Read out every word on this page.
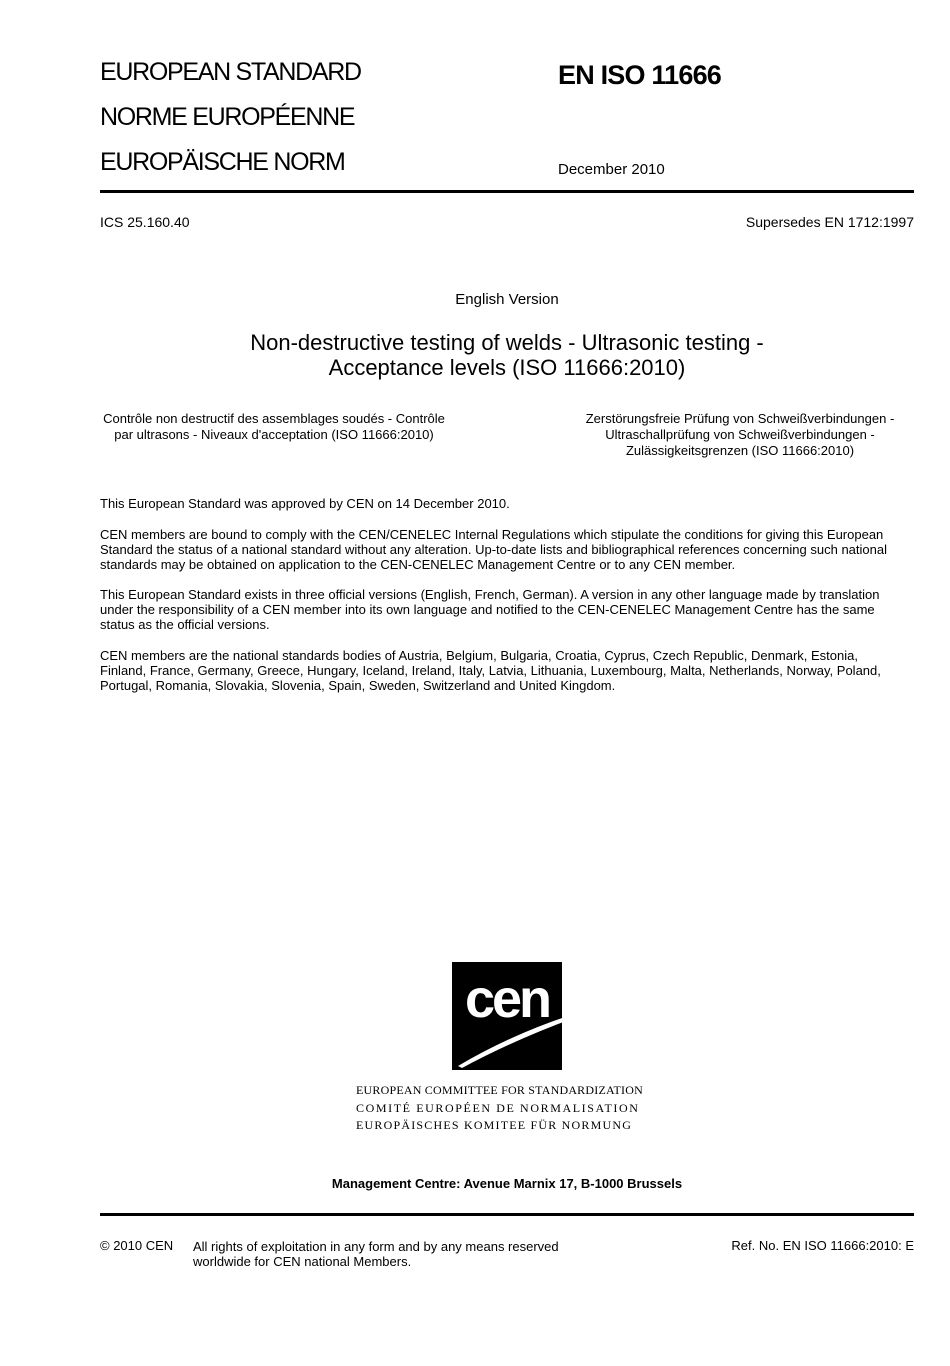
EUROPEAN STANDARD
NORME EUROPÉENNE
EUROPÄISCHE NORM
EN ISO 11666
December 2010
ICS 25.160.40	Supersedes EN 1712:1997
English Version
Non-destructive testing of welds - Ultrasonic testing -
Acceptance levels (ISO 11666:2010)
Contrôle non destructif des assemblages soudés - Contrôle
par ultrasons - Niveaux d'acceptation (ISO 11666:2010)
Zerstörungsfreie Prüfung von Schweißverbindungen -
Ultraschallprüfung von Schweißverbindungen -
Zulässigkeitsgrenzen (ISO 11666:2010)
This European Standard was approved by CEN on 14 December 2010.
CEN members are bound to comply with the CEN/CENELEC Internal Regulations which stipulate the conditions for giving this European
Standard the status of a national standard without any alteration. Up-to-date lists and bibliographical references concerning such national
standards may be obtained on application to the CEN-CENELEC Management Centre or to any CEN member.
This European Standard exists in three official versions (English, French, German). A version in any other language made by translation
under the responsibility of a CEN member into its own language and notified to the CEN-CENELEC Management Centre has the same
status as the official versions.
CEN members are the national standards bodies of Austria, Belgium, Bulgaria, Croatia, Cyprus, Czech Republic, Denmark, Estonia,
Finland, France, Germany, Greece, Hungary, Iceland, Ireland, Italy, Latvia, Lithuania, Luxembourg, Malta, Netherlands, Norway, Poland,
Portugal, Romania, Slovakia, Slovenia, Spain, Sweden, Switzerland and United Kingdom.
cen
EUROPEAN COMMITTEE FOR STANDARDIZATION
COMITÉ EUROPÉEN DE NORMALISATION
EUROPÄISCHES KOMITEE FÜR NORMUNG
Management Centre: Avenue Marnix 17, B-1000 Brussels
© 2010 CEN All rights of exploitation in any form and by any means reserved
worldwide for CEN national Members.
Ref. No. EN ISO 11666:2010: E
